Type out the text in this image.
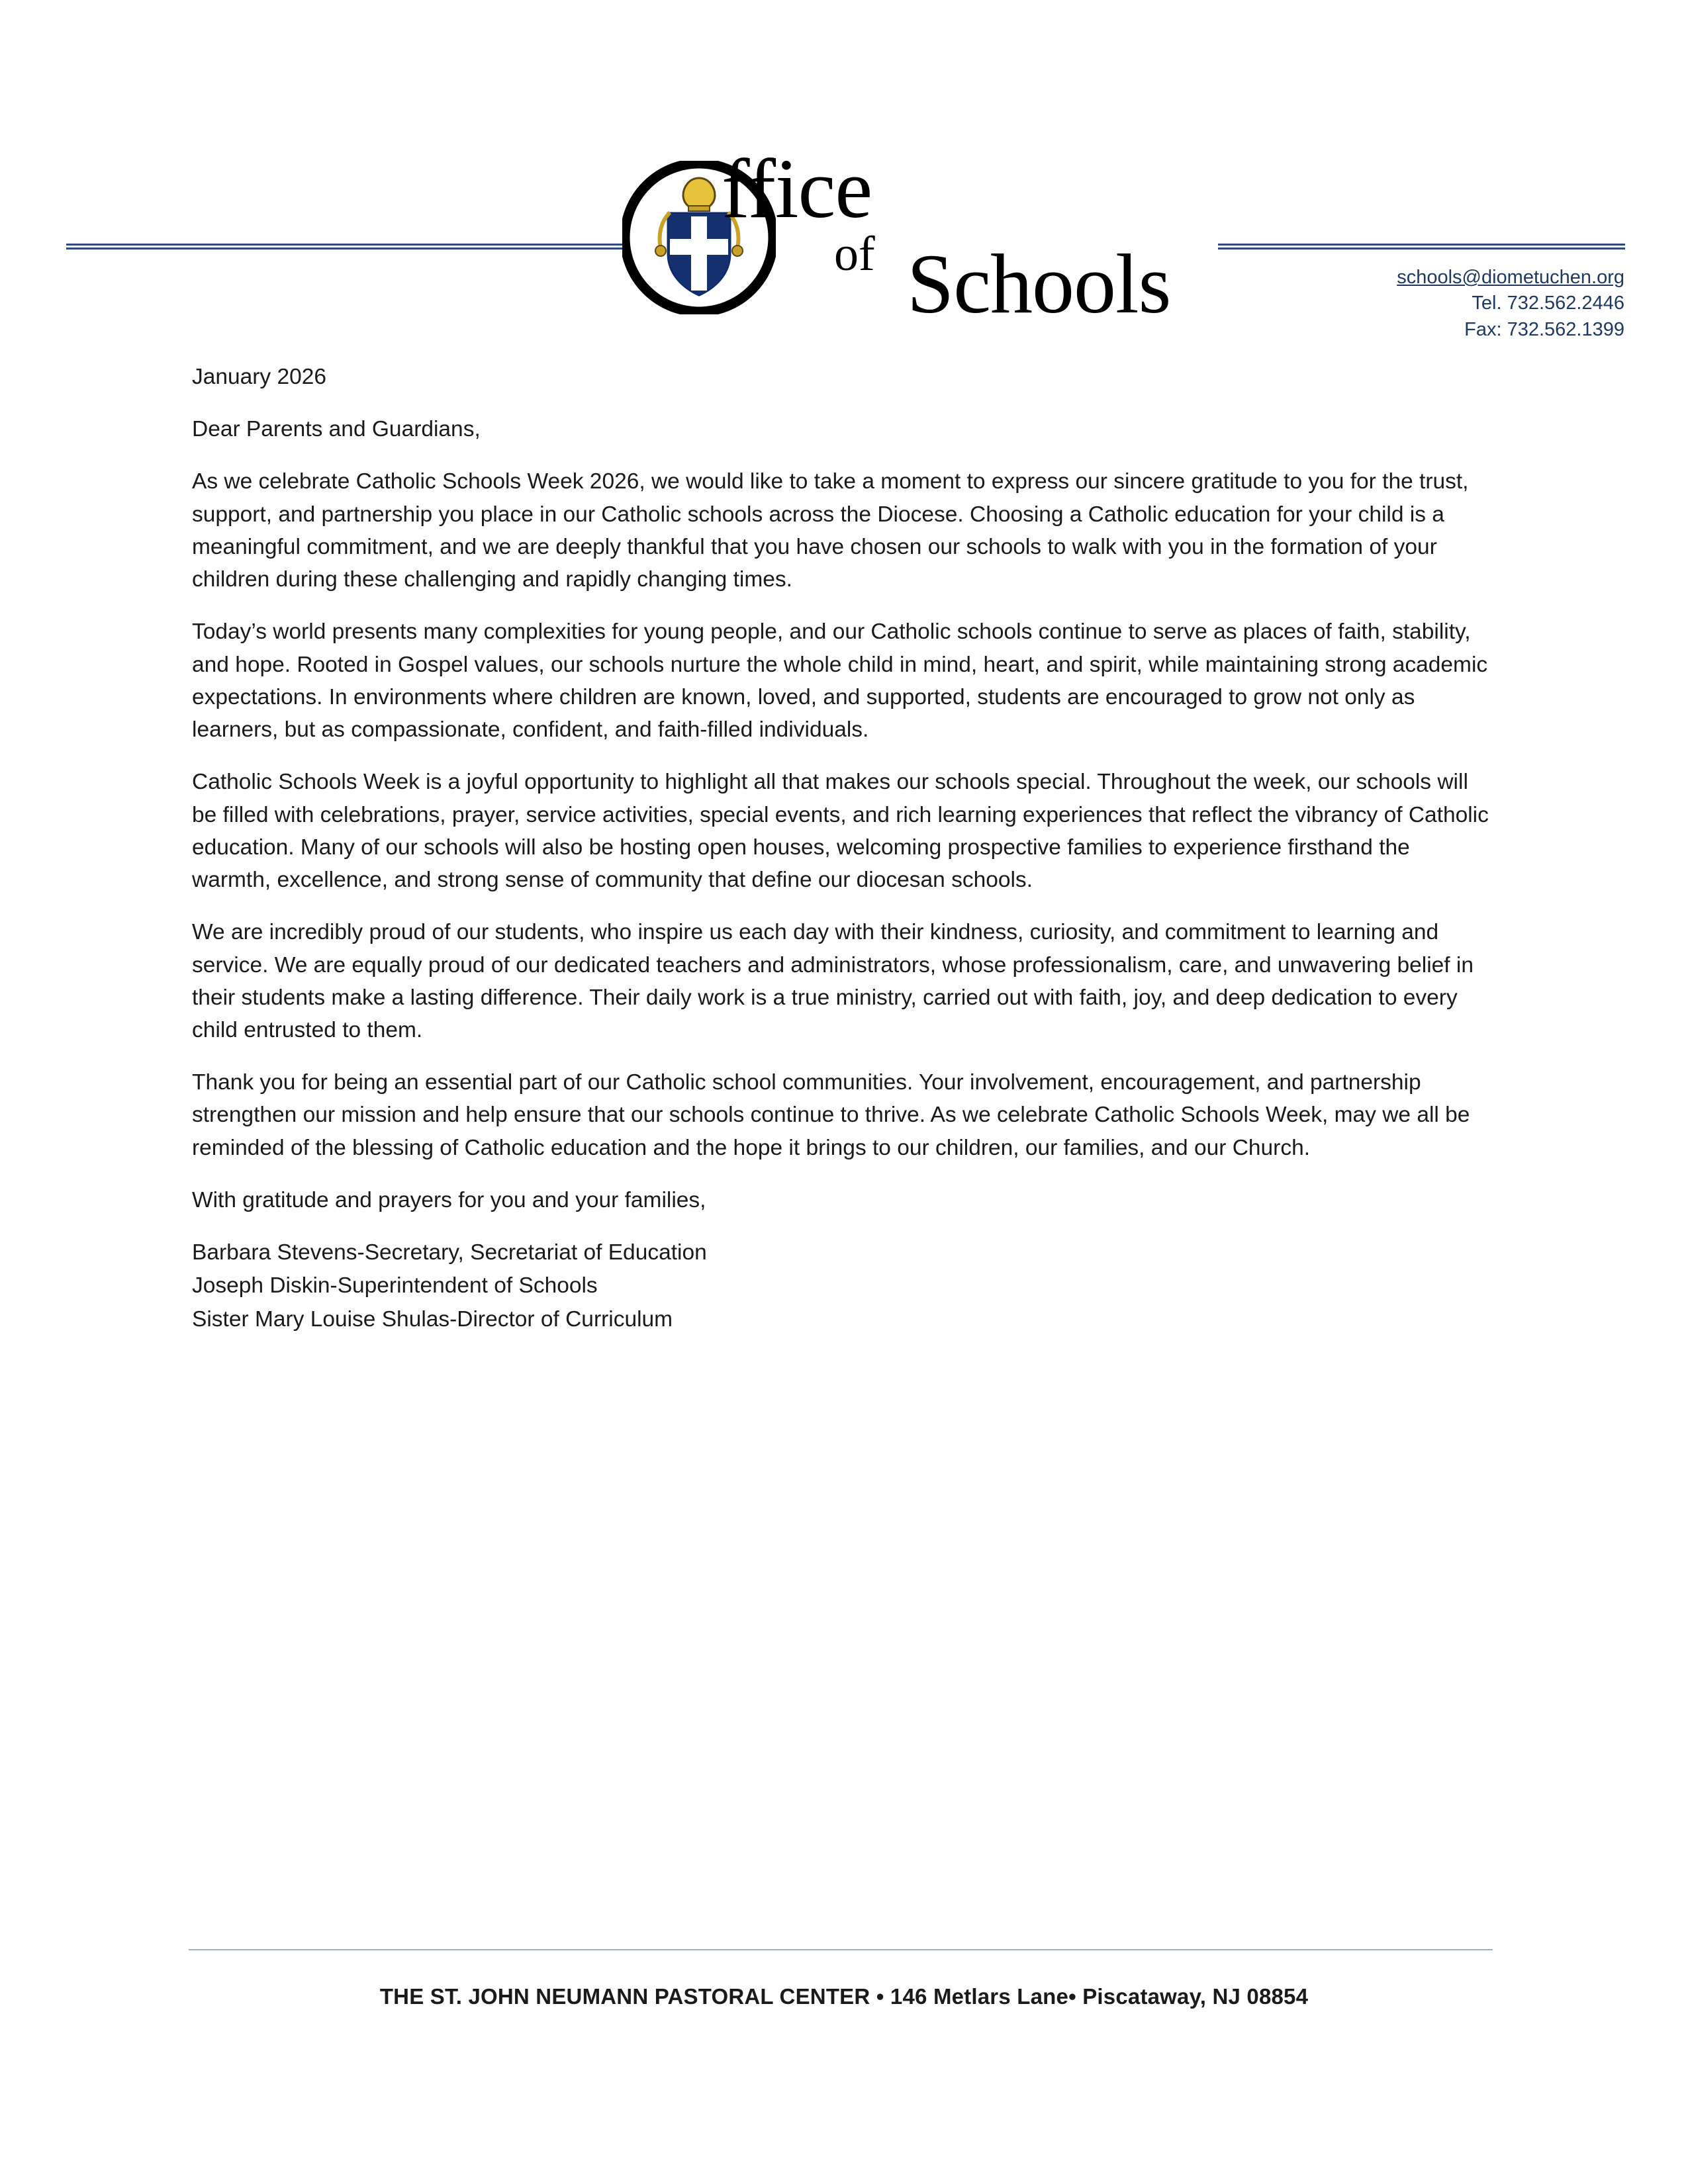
ffice
of Schools	schools@diometuchen.org
Tel. 732.562.2446
Fax: 732.562.1399

January 2026

Dear Parents and Guardians,

As we celebrate Catholic Schools Week 2026, we would like to take a moment to express our sincere gratitude to you for the trust, support, and partnership you place in our Catholic schools across the Diocese. Choosing a Catholic education for your child is a meaningful commitment, and we are deeply thankful that you have chosen our schools to walk with you in the formation of your children during these challenging and rapidly changing times.

Today’s world presents many complexities for young people, and our Catholic schools continue to serve as places of faith, stability, and hope. Rooted in Gospel values, our schools nurture the whole child in mind, heart, and spirit, while maintaining strong academic expectations. In environments where children are known, loved, and supported, students are encouraged to grow not only as learners, but as compassionate, confident, and faith-filled individuals.

Catholic Schools Week is a joyful opportunity to highlight all that makes our schools special. Throughout the week, our schools will be filled with celebrations, prayer, service activities, special events, and rich learning experiences that reflect the vibrancy of Catholic education. Many of our schools will also be hosting open houses, welcoming prospective families to experience firsthand the warmth, excellence, and strong sense of community that define our diocesan schools.

We are incredibly proud of our students, who inspire us each day with their kindness, curiosity, and commitment to learning and service. We are equally proud of our dedicated teachers and administrators, whose professionalism, care, and unwavering belief in their students make a lasting difference. Their daily work is a true ministry, carried out with faith, joy, and deep dedication to every child entrusted to them.

Thank you for being an essential part of our Catholic school communities. Your involvement, encouragement, and partnership strengthen our mission and help ensure that our schools continue to thrive. As we celebrate Catholic Schools Week, may we all be reminded of the blessing of Catholic education and the hope it brings to our children, our families, and our Church.

With gratitude and prayers for you and your families,

Barbara Stevens-Secretary, Secretariat of Education
Joseph Diskin-Superintendent of Schools
Sister Mary Louise Shulas-Director of Curriculum
THE ST. JOHN NEUMANN PASTORAL CENTER • 146 Metlars Lane• Piscataway, NJ 08854
